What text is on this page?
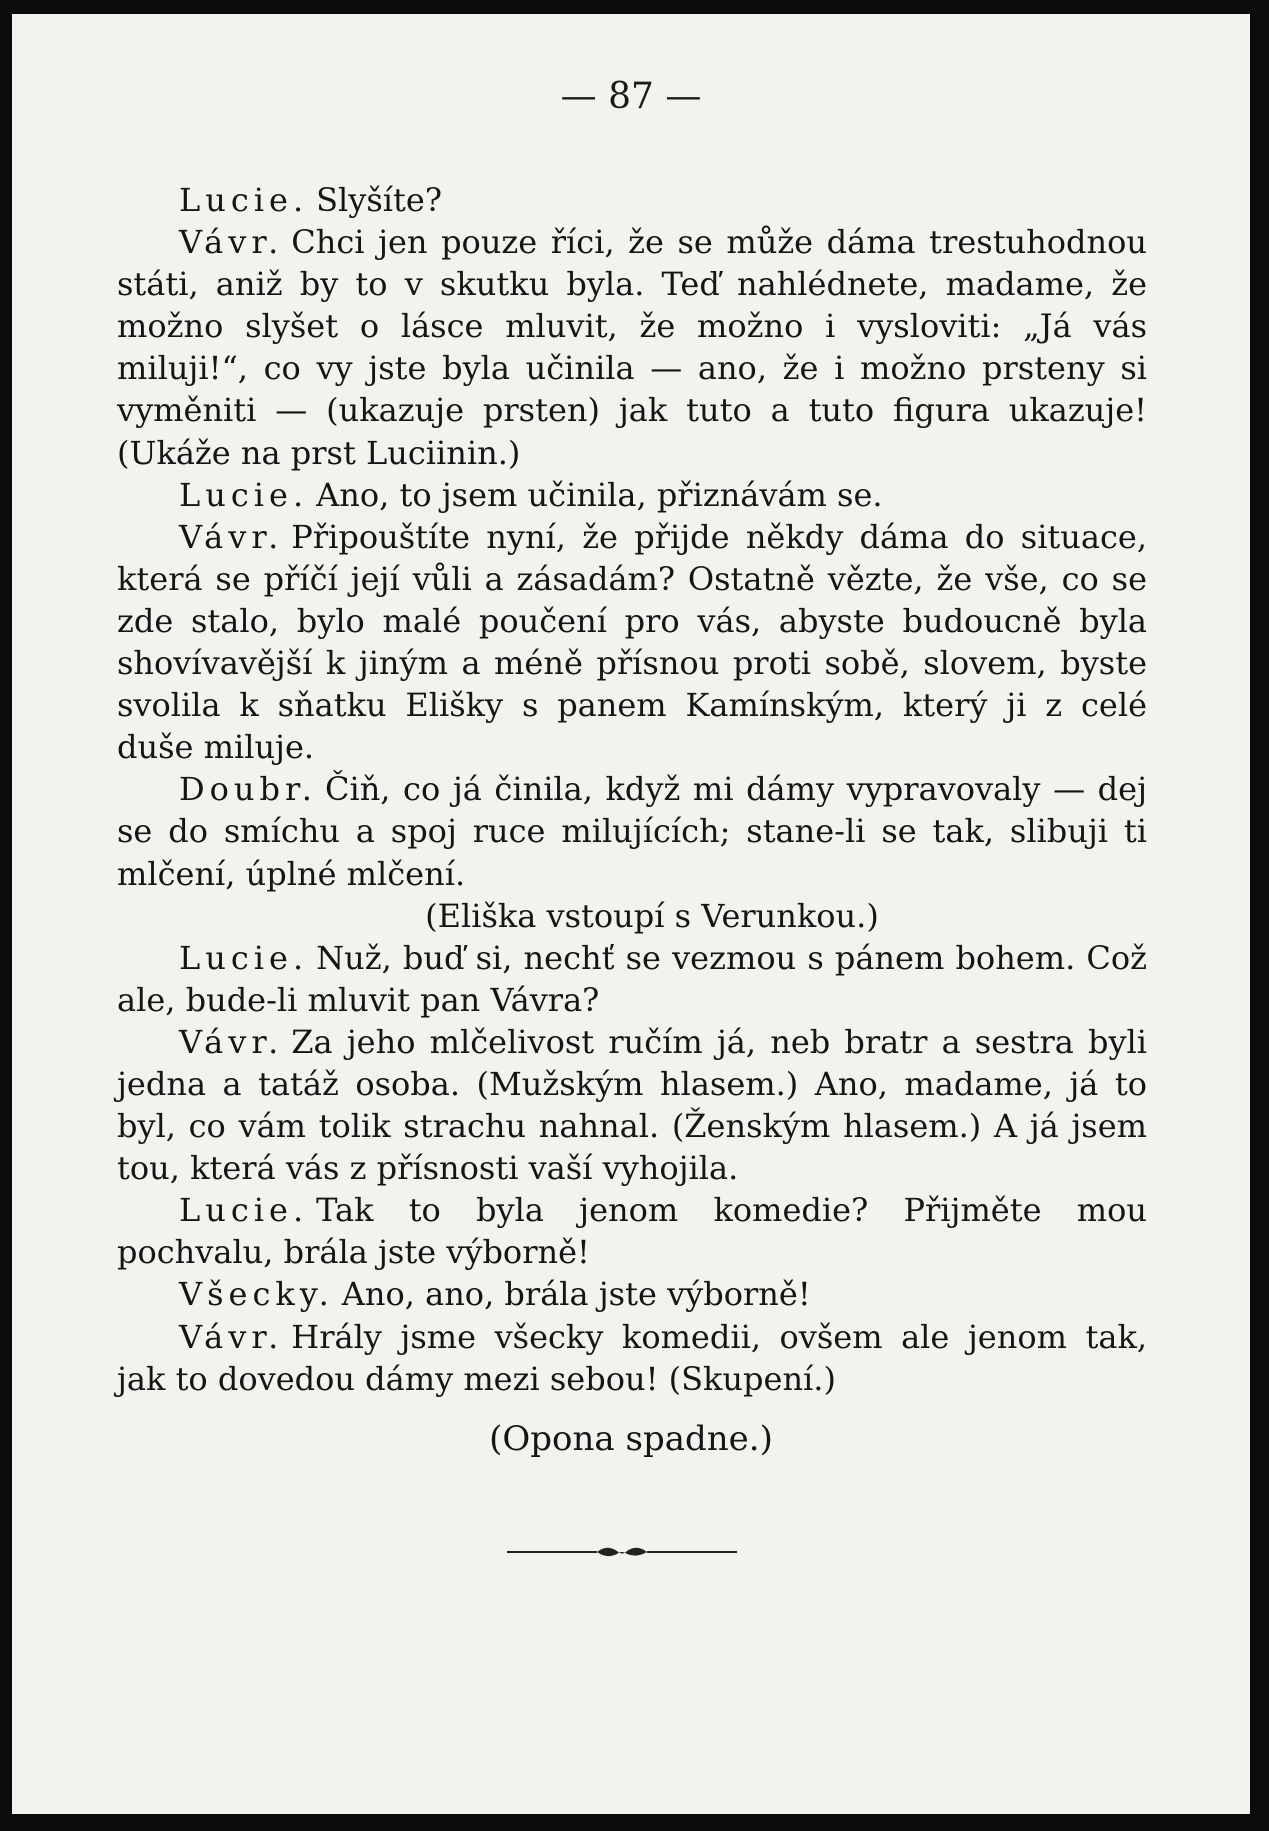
— 87 —

Lucie. Slyšíte?

Vávr. Chci jen pouze říci, že se může dáma trestuhodnou státi, aniž by to v skutku byla. Teď nahlédnete, madame, že možno slyšet o lásce mluvit, že možno i vysloviti: „Já vás miluji!“, co vy jste byla učinila — ano, že i možno prsteny si vyměniti — (ukazuje prsten) jak tuto a tuto figura ukazuje! (Ukáže na prst Luciinin.)

Lucie. Ano, to jsem učinila, přiznávám se.

Vávr. Připouštíte nyní, že přijde někdy dáma do situace, která se příčí její vůli a zásadám? Ostatně vězte, že vše, co se zde stalo, bylo malé poučení pro vás, abyste budoucně byla shovívavější k jiným a méně přísnou proti sobě, slovem, byste svolila k sňatku Elišky s panem Kamínským, který ji z celé duše miluje.

Doubr. Čiň, co já činila, když mi dámy vypravovaly — dej se do smíchu a spoj ruce milujících; stane-li se tak, slibuji ti mlčení, úplné mlčení.

(Eliška vstoupí s Verunkou.)

Lucie. Nuž, buď si, nechť se vezmou s pánem bohem. Což ale, bude-li mluvit pan Vávra?

Vávr. Za jeho mlčelivost ručím já, neb bratr a sestra byli jedna a tatáž osoba. (Mužským hlasem.) Ano, madame, já to byl, co vám tolik strachu nahnal. (Ženským hlasem.) A já jsem tou, která vás z přísnosti vaší vyhojila.

Lucie. Tak to byla jenom komedie? Přijměte mou pochvalu, brála jste výborně!

Všecky. Ano, ano, brála jste výborně!

Vávr. Hrály jsme všecky komedii, ovšem ale jenom tak, jak to dovedou dámy mezi sebou! (Skupení.)

(Opona spadne.)
